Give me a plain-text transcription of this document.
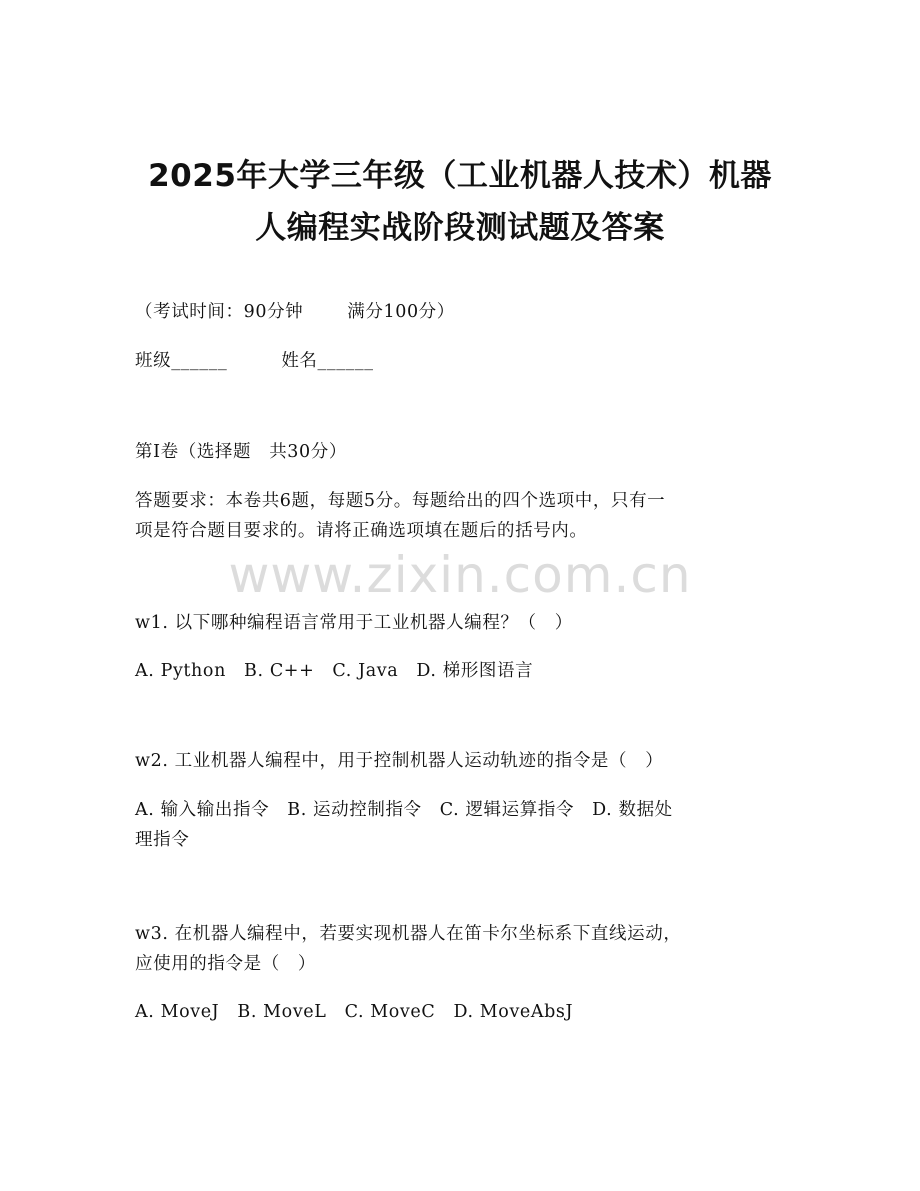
2025年大学三年级（工业机器人技术）机器
人编程实战阶段测试题及答案
（考试时间：90分钟	满分100分）
班级______	姓名______
第Ⅰ卷（选择题　共30分）
答题要求：本卷共6题，每题5分。每题给出的四个选项中，只有一
项是符合题目要求的。请将正确选项填在题后的括号内。
www.zixin.com.cn
w1. 以下哪种编程语言常用于工业机器人编程？（　）
A. Python　B. C++　C. Java　D. 梯形图语言
w2. 工业机器人编程中，用于控制机器人运动轨迹的指令是（　）
A. 输入输出指令　B. 运动控制指令　C. 逻辑运算指令　D. 数据处
理指令
w3. 在机器人编程中，若要实现机器人在笛卡尔坐标系下直线运动，
应使用的指令是（　）
A. MoveJ　B. MoveL　C. MoveC　D. MoveAbsJ
